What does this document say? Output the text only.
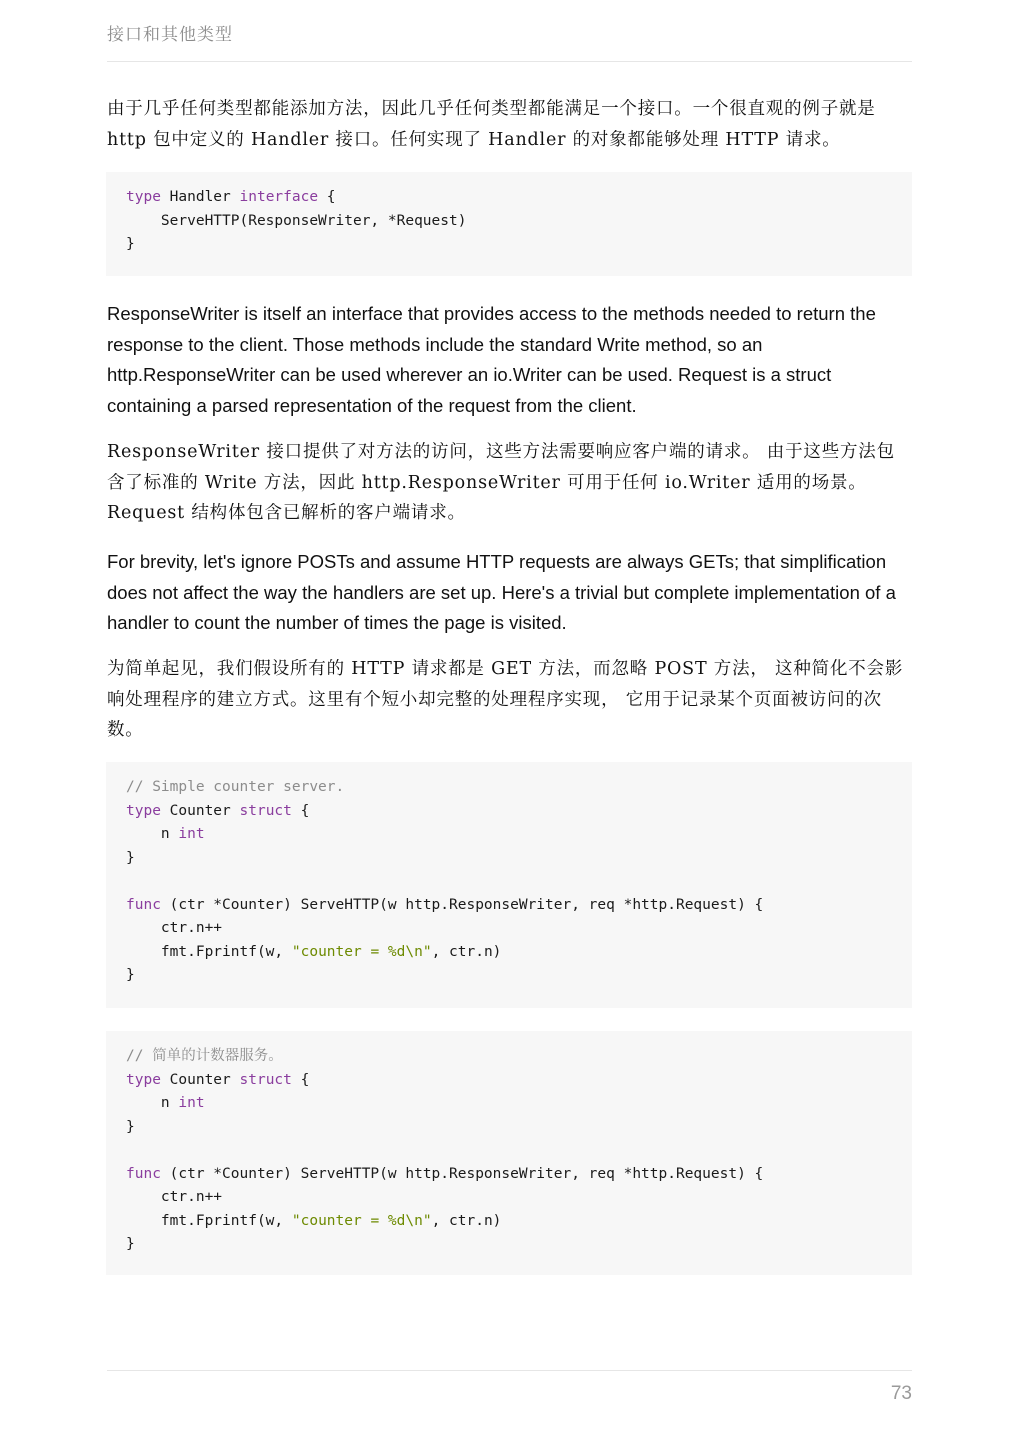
接口和其他类型

由于几乎任何类型都能添加方法，因此几乎任何类型都能满足一个接口。一个很直观的例子就是 http 包中定义的 Handler 接口。任何实现了 Handler 的对象都能够处理 HTTP 请求。

type Handler interface {
ServeHTTP(ResponseWriter, *Request)
}

ResponseWriter is itself an interface that provides access to the methods needed to return the response to the client. Those methods include the standard Write method, so an http.ResponseWriter can be used wherever an io.Writer can be used. Request is a struct containing a parsed representation of the request from the client.

ResponseWriter 接口提供了对方法的访问，这些方法需要响应客户端的请求。 由于这些方法包含了标准的 Write 方法，因此 http.ResponseWriter 可用于任何 io.Writer 适用的场景。Request 结构体包含已解析的客户端请求。

For brevity, let's ignore POSTs and assume HTTP requests are always GETs; that simplification does not affect the way the handlers are set up. Here's a trivial but complete implementation of a handler to count the number of times the page is visited.

为简单起见，我们假设所有的 HTTP 请求都是 GET 方法，而忽略 POST 方法， 这种简化不会影响处理程序的建立方式。这里有个短小却完整的处理程序实现， 它用于记录某个页面被访问的次数。

// Simple counter server.
type Counter struct {
n int
}
func (ctr *Counter) ServeHTTP(w http.ResponseWriter, req *http.Request) {
ctr.n++
fmt.Fprintf(w, "counter = %d\n", ctr.n)
}
// 简单的计数器服务。
type Counter struct {
n int
}
func (ctr *Counter) ServeHTTP(w http.ResponseWriter, req *http.Request) {
ctr.n++
fmt.Fprintf(w, "counter = %d\n", ctr.n)
}
73
